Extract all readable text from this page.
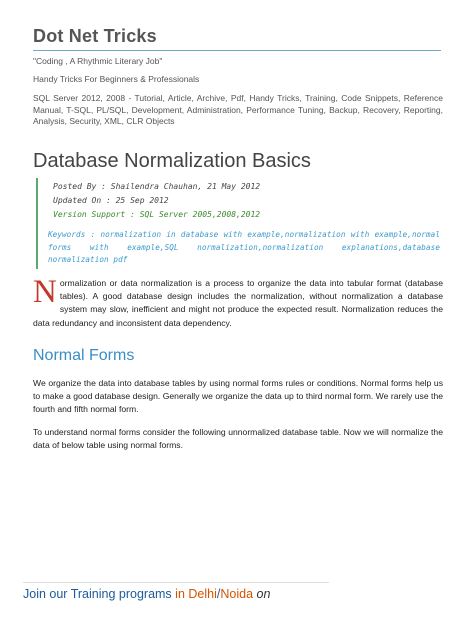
Dot Net Tricks
"Coding , A Rhythmic Literary Job"
Handy Tricks For Beginners & Professionals
SQL Server 2012, 2008 - Tutorial, Article, Archive, Pdf, Handy Tricks, Training, Code Snippets, Reference Manual, T-SQL, PL/SQL, Development, Administration, Performance Tuning, Backup, Recovery, Reporting, Analysis, Security, XML, CLR Objects
Database Normalization Basics
Posted By : Shailendra Chauhan, 21 May 2012
Updated On : 25 Sep 2012
Version Support : SQL Server 2005,2008,2012
Keywords : normalization in database with example,normalization with example,normal forms with example,SQL normalization,normalization explanations,database normalization pdf
Normalization or data normalization is a process to organize the data into tabular format (database tables). A good database design includes the normalization, without normalization a database system may slow, inefficient and might not produce the expected result. Normalization reduces the data redundancy and inconsistent data dependency.
Normal Forms
We organize the data into database tables by using normal forms rules or conditions. Normal forms help us to make a good database design. Generally we organize the data up to third normal form. We rarely use the fourth and fifth normal form.
To understand normal forms consider the following unnormalized database table. Now we will normalize the data of below table using normal forms.
Join our Training programs in Delhi/Noida on
